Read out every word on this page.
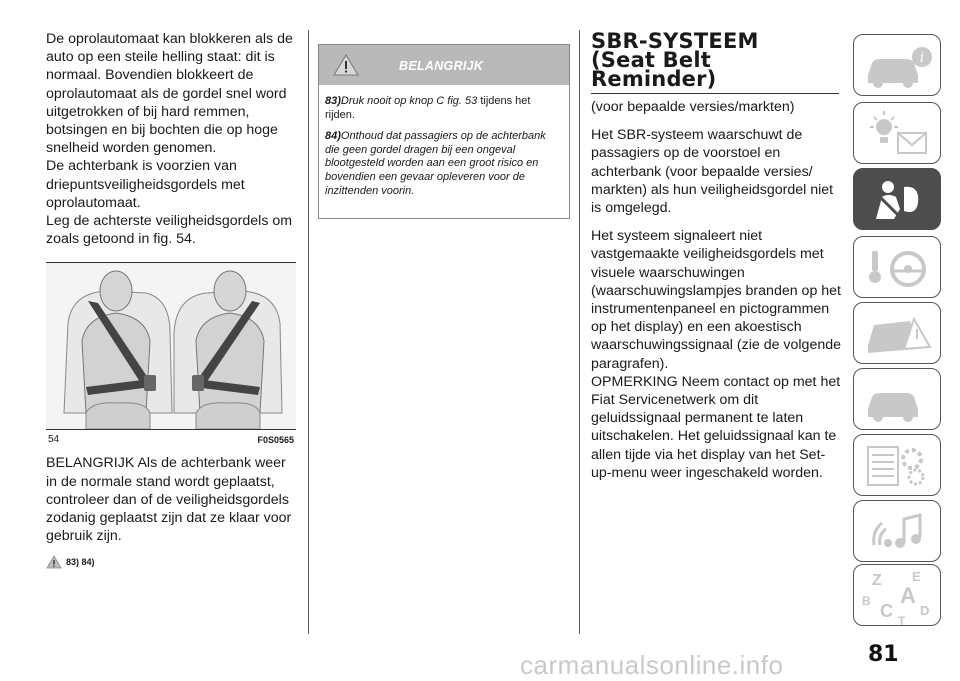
De oprolautomaat kan blokkeren als de auto op een steile helling staat: dit is normaal. Bovendien blokkeert de oprolautomaat als de gordel snel word uitgetrokken of bij hard remmen, botsingen en bij bochten die op hoge snelheid worden genomen.

De achterbank is voorzien van driepuntsveiligheidsgordels met oprolautomaat.

Leg de achterste veiligheidsgordels om zoals getoond in fig. 54.

54	F0S0565

BELANGRIJK Als de achterbank weer in de normale stand wordt geplaatst, controleer dan of de veiligheidsgordels zodanig geplaatst zijn dat ze klaar voor gebruik zijn.

83) 84)
BELANGRIJK

83)Druk nooit op knop C fig. 53 tijdens het rijden.

84)Onthoud dat passagiers op de achterbank die geen gordel dragen bij een ongeval blootgesteld worden aan een groot risico en bovendien een gevaar opleveren voor de inzittenden voorin.

SBR-SYSTEEM
(Seat Belt
Reminder)

(voor bepaalde versies/markten)

Het SBR-systeem waarschuwt de passagiers op de voorstoel en achterbank (voor bepaalde versies/ markten) als hun veiligheidsgordel niet is omgelegd.

Het systeem signaleert niet vastgemaakte veiligheidsgordels met visuele waarschuwingen (waarschuwingslampjes branden op het instrumentenpaneel en pictogrammen op het display) en een akoestisch waarschuwingssignaal (zie de volgende paragrafen).

OPMERKING Neem contact op met het Fiat Servicenetwerk om dit geluidssignaal permanent te laten uitschakelen. Het geluidssignaal kan te allen tijde via het display van het Set-up-menu weer ingeschakeld worden.

i
Z E
A
B C D
T
81
carmanualsonline.info
